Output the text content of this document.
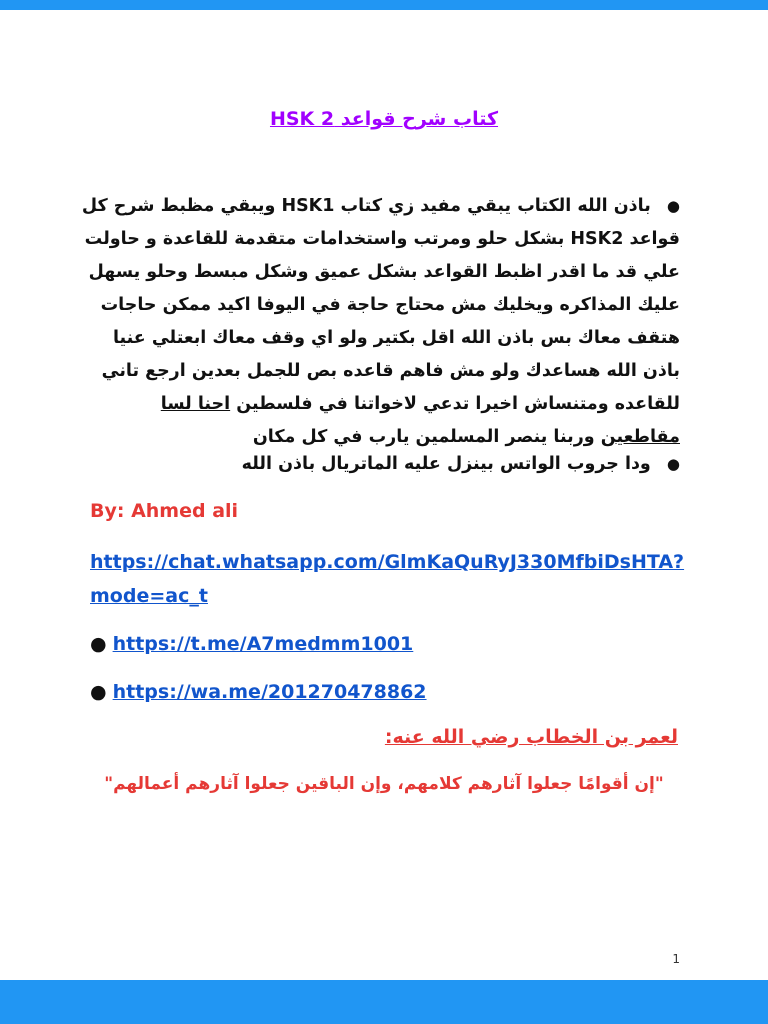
كتاب شرح قواعد HSK 2
● باذن الله الكتاب يبقي مفيد زي كتاب HSK1 ويبقي مظبط شرح كل قواعد HSK2 بشكل حلو ومرتب واستخدامات متقدمة للقاعدة و حاولت علي قد ما اقدر اظبط القواعد بشكل عميق وشكل مبسط وحلو يسهل عليك المذاكره ويخليك مش محتاج حاجة في اليوفا اكيد ممكن حاجات هتقف معاك بس باذن الله اقل بكتير ولو اي وقف معاك ابعتلي عنيا باذن الله هساعدك ولو مش فاهم قاعده بص للجمل بعدين ارجع تاني للقاعده ومتنساش اخيرا تدعي لاخواتنا في فلسطين احنا لسا مقاطعين وربنا ينصر المسلمين يارب في كل مكان
● ودا جروب الواتس بينزل عليه الماتريال باذن الله
By: Ahmed ali
https://chat.whatsapp.com/GlmKaQuRyJ330MfbiDsHTA?mode=ac_t
● https://t.me/A7medmm1001
● https://wa.me/201270478862
لعمر بن الخطاب رضي الله عنه:
"إن أقوامًا جعلوا آثارهم كلامهم، وإن الباقين جعلوا آثارهم أعمالهم"
1
